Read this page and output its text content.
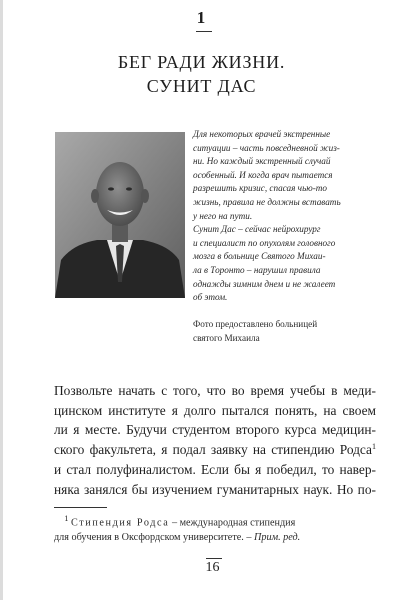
1
БЕГ РАДИ ЖИЗНИ.
СУНИТ ДАС
Для некоторых врачей экстренные
ситуации – часть повседневной жиз-
ни. Но каждый экстренный случай
особенный. И когда врач пытается
разрешить кризис, спасая чью-то
жизнь, правила не должны вставать
у него на пути.
Сунит Дас – сейчас нейрохирург
и специалист по опухолям головного
мозга в больнице Святого Михаи-
ла в Торонто – нарушил правила
однажды зимним днем и не жалеет
об этом.
Фото предоставлено больницей
святого Михаила
Позвольте начать с того, что во время учебы в меди-
цинском институте я долго пытался понять, на своем
ли я месте. Будучи студентом второго курса медицин-
ского факультета, я подал заявку на стипендию Родса$^1$
и стал полуфиналистом. Если бы я победил, то навер-
няка занялся бы изучением гуманитарных наук. Но по-
$^1$ Стипендия Родса – международная стипендия
для обучения в Оксфордском университете. – Прим. ред.
16
